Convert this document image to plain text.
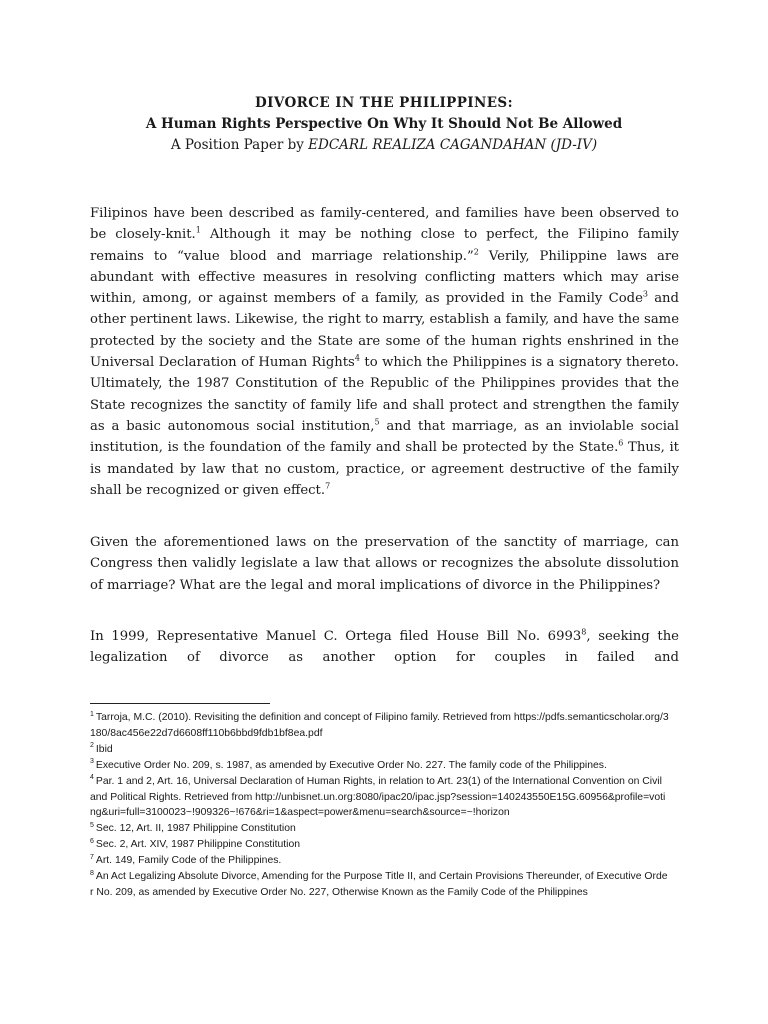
DIVORCE IN THE PHILIPPINES:
A Human Rights Perspective On Why It Should Not Be Allowed
A Position Paper by EDCARL REALIZA CAGANDAHAN (JD-IV)

Filipinos have been described as family-centered, and families have been observed to be closely-knit.$^1$ Although it may be nothing close to perfect, the Filipino family remains to “value blood and marriage relationship.”$^2$ Verily, Philippine laws are abundant with effective measures in resolving conflicting matters which may arise within, among, or against members of a family, as provided in the Family Code$^3$ and other pertinent laws. Likewise, the right to marry, establish a family, and have the same protected by the society and the State are some of the human rights enshrined in the Universal Declaration of Human Rights$^4$ to which the Philippines is a signatory thereto. Ultimately, the 1987 Constitution of the Republic of the Philippines provides that the State recognizes the sanctity of family life and shall protect and strengthen the family as a basic autonomous social institution,$^5$ and that marriage, as an inviolable social institution, is the foundation of the family and shall be protected by the State.$^6$ Thus, it is mandated by law that no custom, practice, or agreement destructive of the family shall be recognized or given effect.$^7$

Given the aforementioned laws on the preservation of the sanctity of marriage, can Congress then validly legislate a law that allows or recognizes the absolute dissolution of marriage? What are the legal and moral implications of divorce in the Philippines?

In 1999, Representative Manuel C. Ortega filed House Bill No. 6993$^8$, seeking the legalization of divorce as another option for couples in failed and

$^1$ Tarroja, M.C. (2010). Revisiting the definition and concept of Filipino family. Retrieved from https://pdfs.semanticscholar.org/3180/8ac456e22d7d6608ff110b6bbd9fdb1bf8ea.pdf

$^2$ Ibid

$^3$ Executive Order No. 209, s. 1987, as amended by Executive Order No. 227. The family code of the Philippines.

$^4$ Par. 1 and 2, Art. 16, Universal Declaration of Human Rights, in relation to Art. 23(1) of the International Convention on Civil and Political Rights. Retrieved from http://unbisnet.un.org:8080/ipac20/ipac.jsp?session=140243550E15G.60956&profile=voting&uri=full=3100023~!909326~!676&ri=1&aspect=power&menu=search&source=~!horizon

$^5$ Sec. 12, Art. II, 1987 Philippine Constitution

$^6$ Sec. 2, Art. XIV, 1987 Philippine Constitution

$^7$ Art. 149, Family Code of the Philippines.

$^8$ An Act Legalizing Absolute Divorce, Amending for the Purpose Title II, and Certain Provisions Thereunder, of Executive Order No. 209, as amended by Executive Order No. 227, Otherwise Known as the Family Code of the Philippines
